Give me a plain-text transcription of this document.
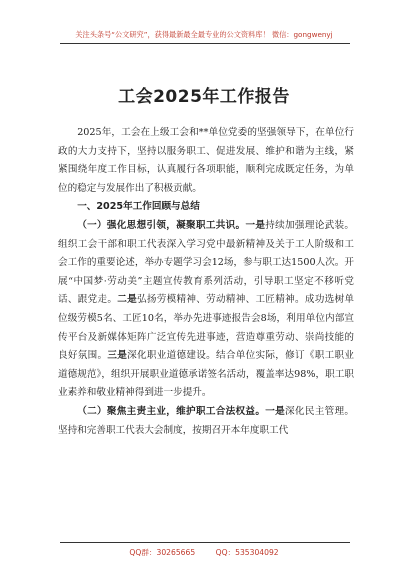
关注头条号“公文研究”，获得最新最全最专业的公文资料库！ 微信：gongwenyj
工会2025年工作报告

2025年，工会在上级工会和**单位党委的坚强领导下，在单位行政的大力支持下，坚持以服务职工、促进发展、维护和谐为主线，紧紧围绕年度工作目标，认真履行各项职能，顺利完成既定任务，为单位的稳定与发展作出了积极贡献。

一、2025年工作回顾与总结

（一）强化思想引领，凝聚职工共识。一是持续加强理论武装。组织工会干部和职工代表深入学习党中最新精神及关于工人阶级和工会工作的重要论述，举办专题学习会12场，参与职工达1500人次。开展“中国梦·劳动美”主题宣传教育系列活动，引导职工坚定不移听党话、跟党走。二是弘扬劳模精神、劳动精神、工匠精神。成功选树单位级劳模5名、工匠10名，举办先进事迹报告会8场，利用单位内部宣传平台及新媒体矩阵广泛宣传先进事迹，营造尊重劳动、崇尚技能的良好氛围。三是深化职业道德建设。结合单位实际，修订《职工职业道德规范》，组织开展职业道德承诺签名活动，覆盖率达98%，职工职业素养和敬业精神得到进一步提升。

（二）聚焦主责主业，维护职工合法权益。一是深化民主管理。坚持和完善职工代表大会制度，按期召开本年度职工代

QQ群：30265665	QQ：535304092
